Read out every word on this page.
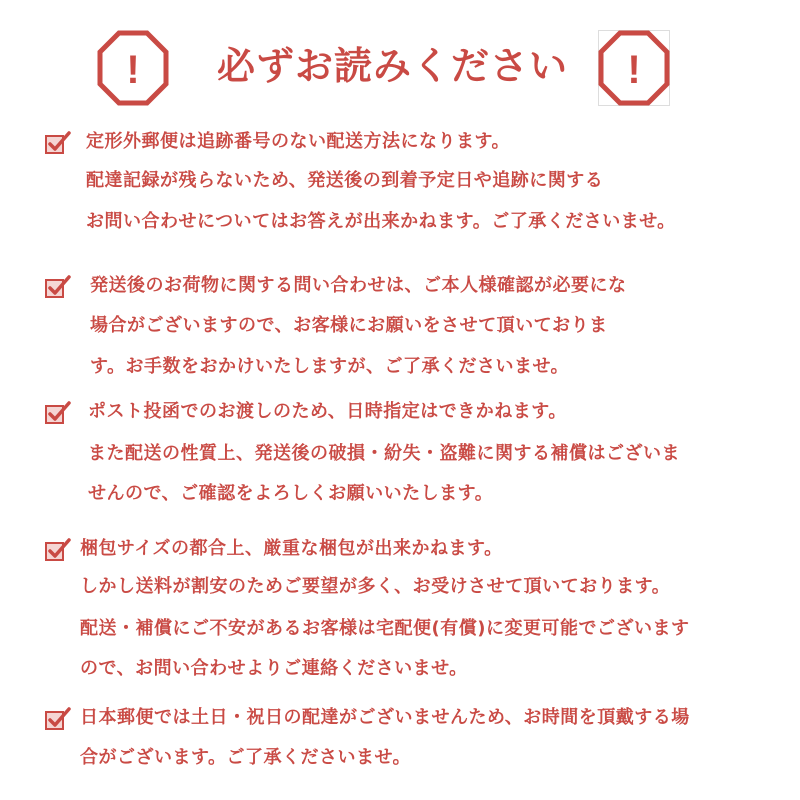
!	必ずお読みください	!
定形外郵便は追跡番号のない配送方法になります。
配達記録が残らないため、発送後の到着予定日や追跡に関する
お問い合わせについてはお答えが出来かねます。ご了承くださいませ。
発送後のお荷物に関する問い合わせは、ご本人様確認が必要にな
場合がございますので、お客様にお願いをさせて頂いておりま
す。お手数をおかけいたしますが、ご了承くださいませ。
ポスト投函でのお渡しのため、日時指定はできかねます。
また配送の性質上、発送後の破損・紛失・盗難に関する補償はございま
せんので、ご確認をよろしくお願いいたします。
梱包サイズの都合上、厳重な梱包が出来かねます。
しかし送料が割安のためご要望が多く、お受けさせて頂いております。
配送・補償にご不安があるお客様は宅配便(有償)に変更可能でございます
ので、お問い合わせよりご連絡くださいませ。
日本郵便では土日・祝日の配達がございませんため、お時間を頂戴する場
合がございます。ご了承くださいませ。
